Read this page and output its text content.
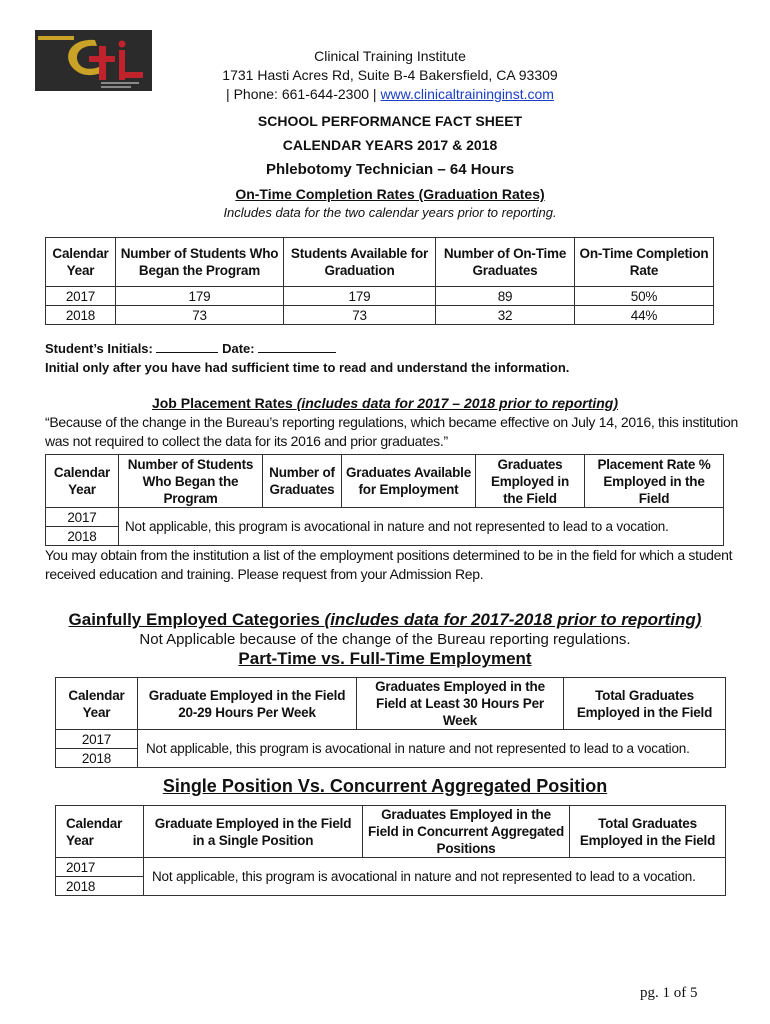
Clinical Training Institute
1731 Hasti Acres Rd, Suite B-4 Bakersfield, CA 93309
| Phone: 661-644-2300 | www.clinicaltraininginst.com
SCHOOL PERFORMANCE FACT SHEET
CALENDAR YEARS 2017 & 2018
Phlebotomy Technician – 64 Hours
On-Time Completion Rates (Graduation Rates)
Includes data for the two calendar years prior to reporting.
Calendar Year	Number of Students Who Began the Program	Students Available for Graduation	Number of On-Time Graduates	On-Time Completion Rate
2017	179	179	89	50%
2018	73	73	32	44%
Student’s Initials:	Date:
Initial only after you have had sufficient time to read and understand the information.
Job Placement Rates (includes data for 2017 – 2018 prior to reporting)
“Because of the change in the Bureau’s reporting regulations, which became effective on July 14, 2016, this institution was not required to collect the data for its 2016 and prior graduates.”
Calendar Year	Number of Students Who Began the Program	Number of Graduates	Graduates Available for Employment	Graduates Employed in the Field	Placement Rate % Employed in the Field
2017	Not applicable, this program is avocational in nature and not represented to lead to a vocation.				
2018					
You may obtain from the institution a list of the employment positions determined to be in the field for which a student received education and training. Please request from your Admission Rep.
Gainfully Employed Categories (includes data for 2017-2018 prior to reporting)
Not Applicable because of the change of the Bureau reporting regulations.
Part-Time vs. Full-Time Employment
Calendar Year	Graduate Employed in the Field 20-29 Hours Per Week	Graduates Employed in the Field at Least 30 Hours Per Week	Total Graduates Employed in the Field
2017	Not applicable, this program is avocational in nature and not represented to lead to a vocation.		
2018			
Single Position Vs. Concurrent Aggregated Position
Calendar Year	Graduate Employed in the Field in a Single Position	Graduates Employed in the Field in Concurrent Aggregated Positions	Total Graduates Employed in the Field
2017	Not applicable, this program is avocational in nature and not represented to lead to a vocation.		
2018			
pg. 1 of 5
